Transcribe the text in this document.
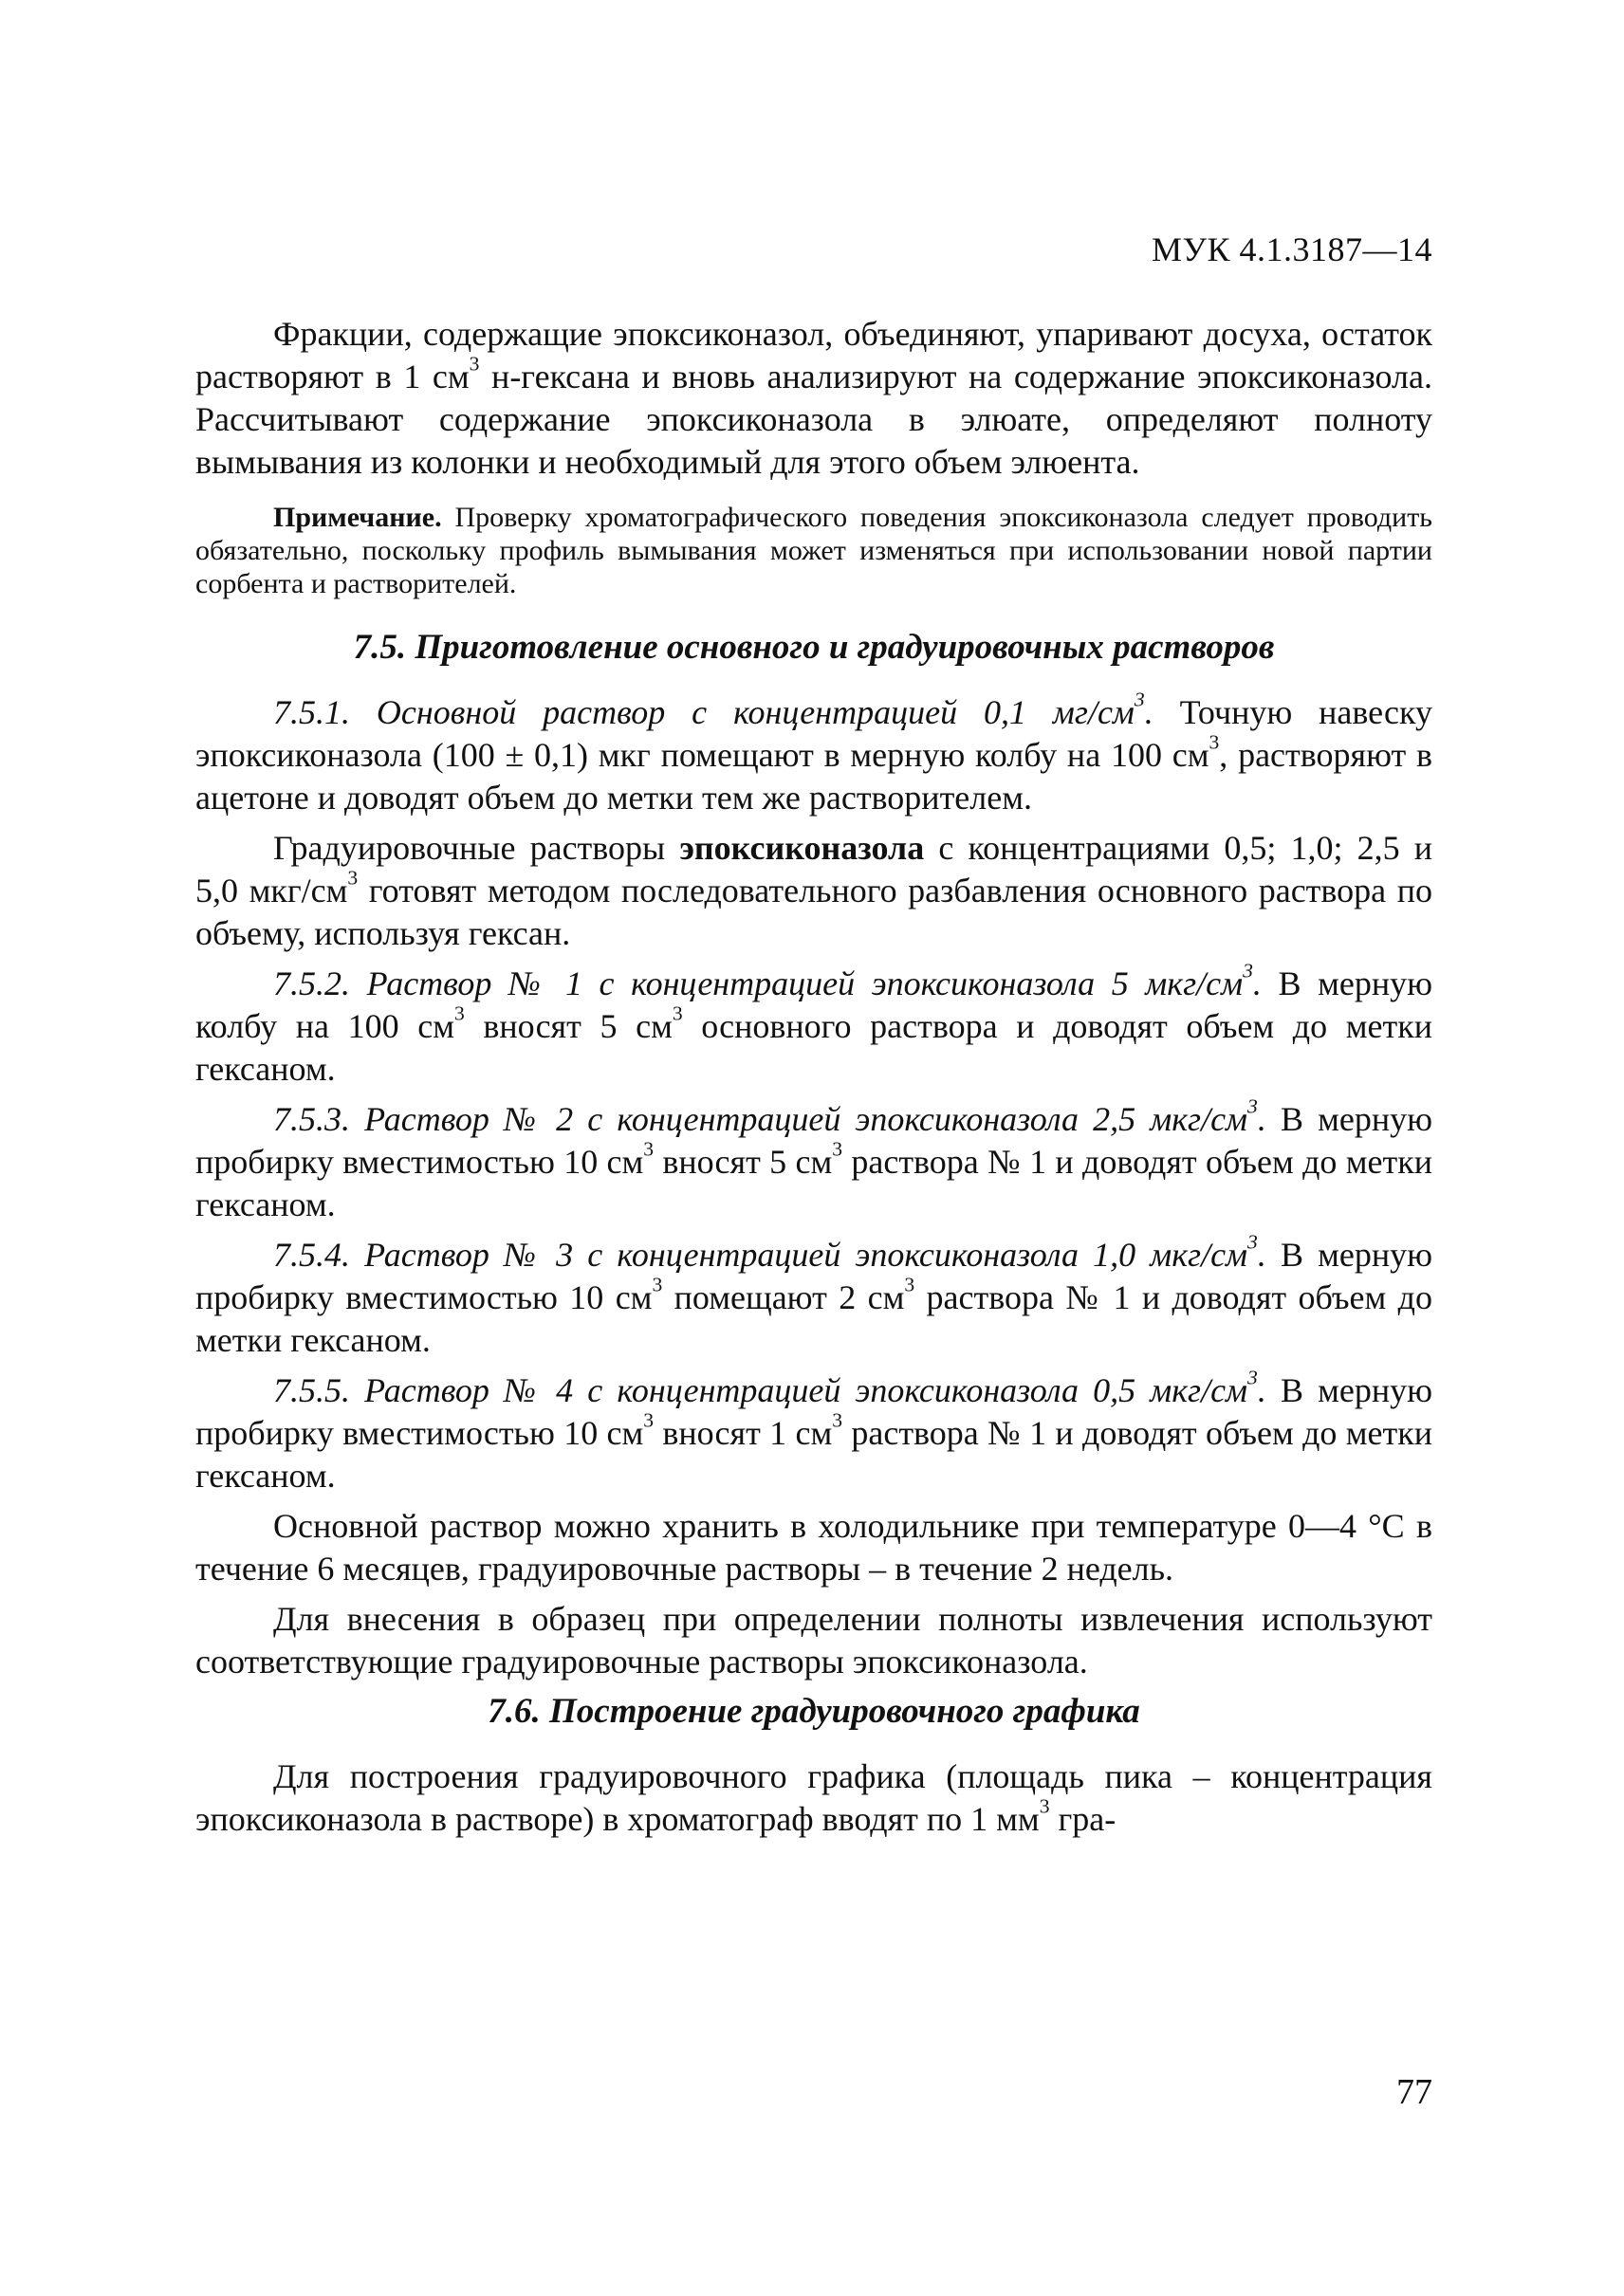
МУК 4.1.3187—14

Фракции, содержащие эпоксиконазол, объединяют, упаривают досуха, остаток растворяют в 1 $см^3$ н-гексана и вновь анализируют на содержание эпоксиконазола. Рассчитывают содержание эпоксиконазола в элюате, определяют полноту вымывания из колонки и необходимый для этого объем элюента.

Примечание. Проверку хроматографического поведения эпоксиконазола следует проводить обязательно, поскольку профиль вымывания может изменяться при использовании новой партии сорбента и растворителей.

7.5. Приготовление основного и градуировочных растворов

7.5.1. Основной раствор с концентрацией 0,1 $мг/см^3$. Точную навеску эпоксиконазола (100 ± 0,1) мкг помещают в мерную колбу на 100 $см^3$, растворяют в ацетоне и доводят объем до метки тем же растворителем.

Градуировочные растворы эпоксиконазола с концентрациями 0,5; 1,0; 2,5 и 5,0 мкг/$см^3$ готовят методом последовательного разбавления основного раствора по объему, используя гексан.

7.5.2. Раствор № 1 с концентрацией эпоксиконазола 5 мкг/$см^3$. В мерную колбу на 100 $см^3$ вносят 5 $см^3$ основного раствора и доводят объем до метки гексаном.

7.5.3. Раствор № 2 с концентрацией эпоксиконазола 2,5 мкг/$см^3$. В мерную пробирку вместимостью 10 $см^3$ вносят 5 $см^3$ раствора № 1 и доводят объем до метки гексаном.

7.5.4. Раствор № 3 с концентрацией эпоксиконазола 1,0 мкг/$см^3$. В мерную пробирку вместимостью 10 $см^3$ помещают 2 $см^3$ раствора № 1 и доводят объем до метки гексаном.

7.5.5. Раствор № 4 с концентрацией эпоксиконазола 0,5 мкг/$см^3$. В мерную пробирку вместимостью 10 $см^3$ вносят 1 $см^3$ раствора № 1 и доводят объем до метки гексаном.

Основной раствор можно хранить в холодильнике при температуре 0—4 °С в течение 6 месяцев, градуировочные растворы – в течение 2 недель.

Для внесения в образец при определении полноты извлечения используют соответствующие градуировочные растворы эпоксиконазола.

7.6. Построение градуировочного графика

Для построения градуировочного графика (площадь пика – концентрация эпоксиконазола в растворе) в хроматограф вводят по 1 $мм^3$ гра-

77
